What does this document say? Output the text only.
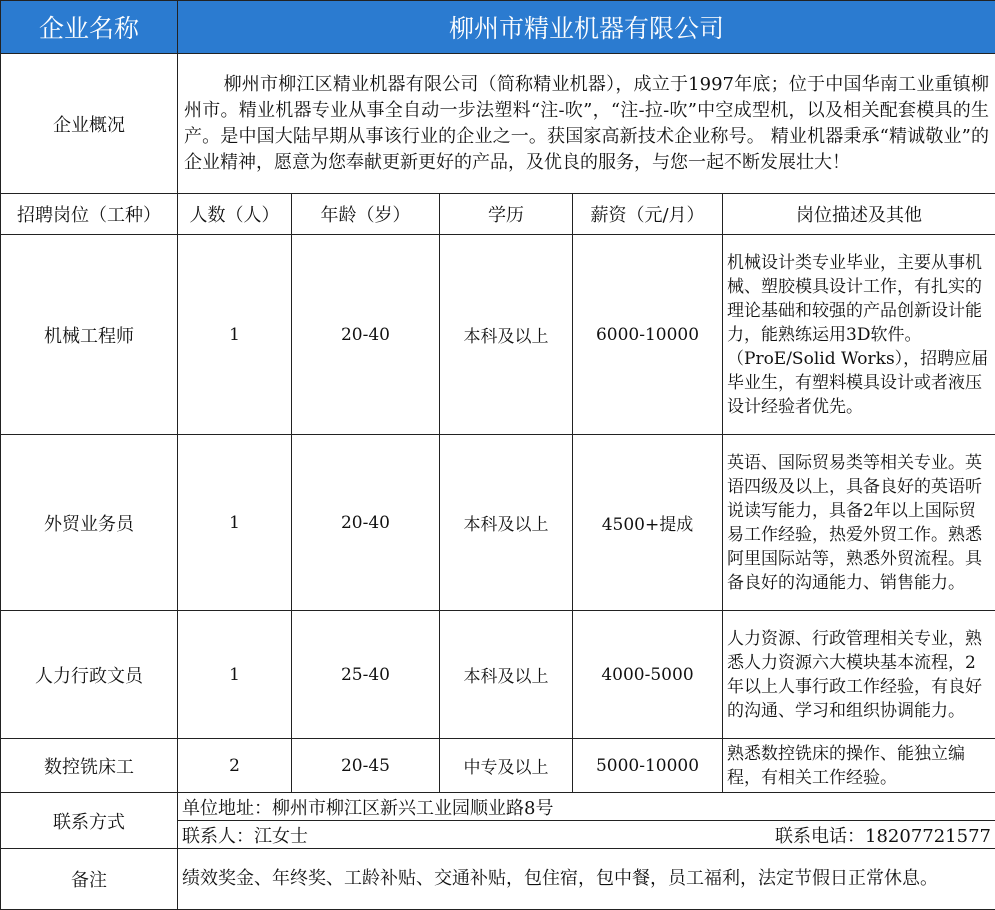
企业名称	柳州市精业机器有限公司				
企业概况	柳州市柳江区精业机器有限公司（简称精业机器），成立于1997年底；位于中国华南工业重镇柳州市。精业机器专业从事全自动一步法塑料“注-吹”，“注-拉-吹”中空成型机，以及相关配套模具的生产。是中国大陆早期从事该行业的企业之一。获国家高新技术企业称号。 精业机器秉承“精诚敬业”的企业精神，愿意为您奉献更新更好的产品，及优良的服务，与您一起不断发展壮大！				
招聘岗位（工种）	人数（人）	年龄（岁）	学历	薪资（元/月）	岗位描述及其他
机械工程师	1	20-40	本科及以上	6000-10000	机械设计类专业毕业，主要从事机械、塑胶模具设计工作，有扎实的理论基础和较强的产品创新设计能力，能熟练运用3D软件。（ProE/Solid Works），招聘应届毕业生，有塑料模具设计或者液压设计经验者优先。
外贸业务员	1	20-40	本科及以上	4500+提成	英语、国际贸易类等相关专业。英语四级及以上，具备良好的英语听说读写能力，具备2年以上国际贸易工作经验，热爱外贸工作。熟悉阿里国际站等，熟悉外贸流程。具备良好的沟通能力、销售能力。
人力行政文员	1	25-40	本科及以上	4000-5000	人力资源、行政管理相关专业，熟悉人力资源六大模块基本流程，2年以上人事行政工作经验，有良好的沟通、学习和组织协调能力。
数控铣床工	2	20-45	中专及以上	5000-10000	熟悉数控铣床的操作、能独立编程，有相关工作经验。
联系方式	单位地址：柳州市柳江区新兴工业园顺业路8号				

	联系人：江女士 联系电话：18207721577				

备注	绩效奖金、年终奖、工龄补贴、交通补贴，包住宿，包中餐，员工福利，法定节假日正常休息。				
